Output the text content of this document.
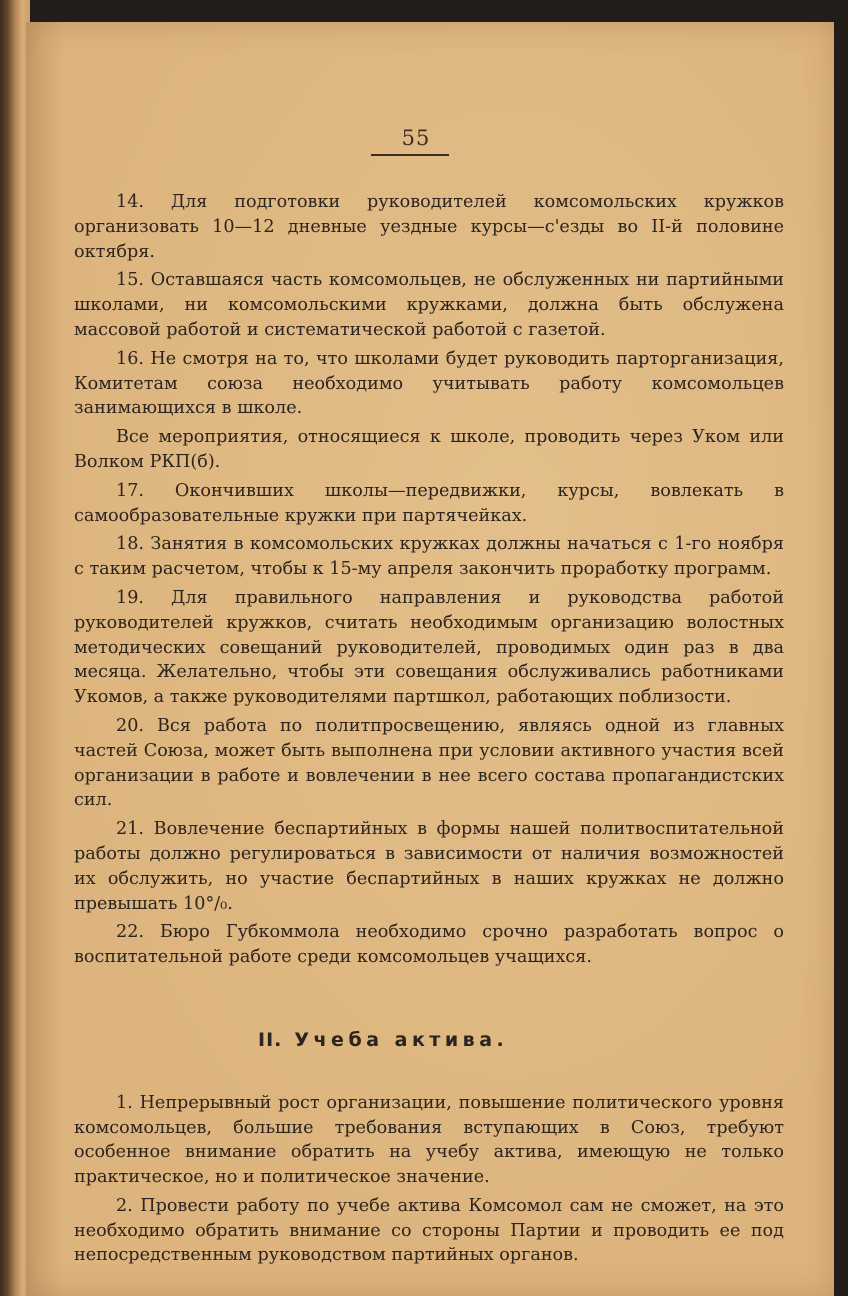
55

14. Для подготовки руководителей комсомольских кружков организовать 10—12 дневные уездные курсы—с'езды во II-й половине октября.

15. Оставшаяся часть комсомольцев, не обслуженных ни партийными школами, ни комсомольскими кружками, должна быть обслужена массовой работой и систематической работой с газетой.

16. Не смотря на то, что школами будет руководить парторганизация, Комитетам союза необходимо учитывать работу комсомольцев занимающихся в школе.

Все мероприятия, относящиеся к школе, проводить через Уком или Волком РКП(б).

17. Окончивших школы—передвижки, курсы, вовлекать в самообразовательные кружки при партячейках.

18. Занятия в комсомольских кружках должны начаться с 1-го ноября с таким расчетом, чтобы к 15-му апреля закончить проработку программ.

19. Для правильного направления и руководства работой руководителей кружков, считать необходимым организацию волостных методических совещаний руководителей, проводимых один раз в два месяца. Желательно, чтобы эти совещания обслуживались работниками Укомов, а также руководителями партшкол, работающих поблизости.

20. Вся работа по политпросвещению, являясь одной из главных частей Союза, может быть выполнена при условии активного участия всей организации в работе и вовлечении в нее всего состава пропагандистских сил.

21. Вовлечение беспартийных в формы нашей политвоспитательной работы должно регулироваться в зависимости от наличия возможностей их обслужить, но участие беспартийных в наших кружках не должно превышать 10°/₀.

22. Бюро Губкоммола необходимо срочно разработать вопрос о воспитательной работе среди комсомольцев учащихся.

II. Учеба актива.

1. Непрерывный рост организации, повышение политического уровня комсомольцев, большие требования вступающих в Союз, требуют особенное внимание обратить на учебу актива, имеющую не только практическое, но и политическое значение.

2. Провести работу по учебе актива Комсомол сам не сможет, на это необходимо обратить внимание со стороны Партии и проводить ее под непосредственным руководством партийных органов.
